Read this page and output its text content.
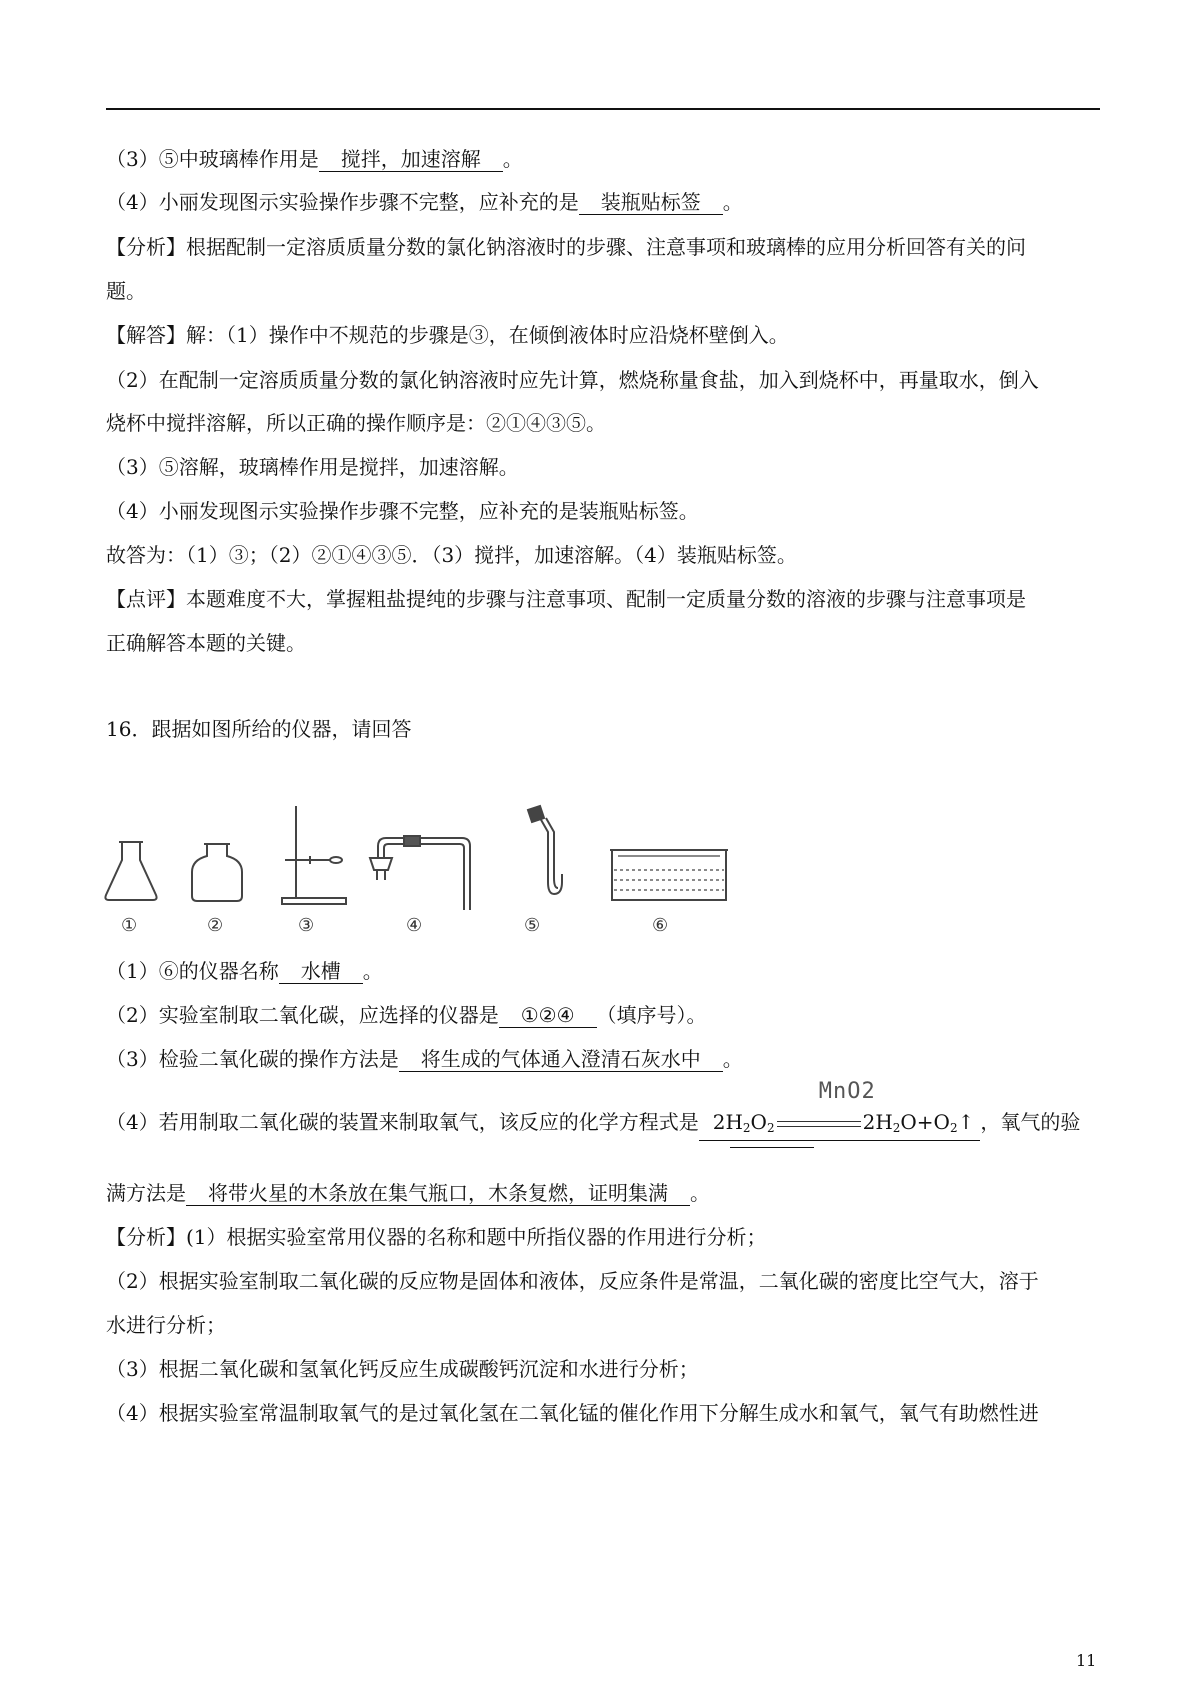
（3）⑤中玻璃棒作用是 搅拌，加速溶解 。
（4）小丽发现图示实验操作步骤不完整，应补充的是 装瓶贴标签 。
【分析】根据配制一定溶质质量分数的氯化钠溶液时的步骤、注意事项和玻璃棒的应用分析回答有关的问
题。
【解答】解：（1）操作中不规范的步骤是③，在倾倒液体时应沿烧杯壁倒入。
（2）在配制一定溶质质量分数的氯化钠溶液时应先计算，燃烧称量食盐，加入到烧杯中，再量取水，倒入
烧杯中搅拌溶解，所以正确的操作顺序是：②①④③⑤。
（3）⑤溶解，玻璃棒作用是搅拌，加速溶解。
（4）小丽发现图示实验操作步骤不完整，应补充的是装瓶贴标签。
故答为：（1）③；（2）②①④③⑤．（3）搅拌，加速溶解。（4）装瓶贴标签。
【点评】本题难度不大，掌握粗盐提纯的步骤与注意事项、配制一定质量分数的溶液的步骤与注意事项是
正确解答本题的关键。
16．跟据如图所给的仪器，请回答
①	②	③	④	⑤	⑥
（1）⑥的仪器名称 水槽 。
（2）实验室制取二氧化碳，应选择的仪器是 ①②④ （填序号）。
（3）检验二氧化碳的操作方法是 将生成的气体通入澄清石灰水中 。
（4）若用制取二氧化碳的装置来制取氧气，该反应的化学方程式是
MnO2
$2H_2O_2$	$2H_2O+O_2↑$ ，氧气的验
满方法是 将带火星的木条放在集气瓶口，木条复燃，证明集满 。
【分析】(1）根据实验室常用仪器的名称和题中所指仪器的作用进行分析；
（2）根据实验室制取二氧化碳的反应物是固体和液体，反应条件是常温，二氧化碳的密度比空气大，溶于
水进行分析；
（3）根据二氧化碳和氢氧化钙反应生成碳酸钙沉淀和水进行分析；
（4）根据实验室常温制取氧气的是过氧化氢在二氧化锰的催化作用下分解生成水和氧气，氧气有助燃性进
11
